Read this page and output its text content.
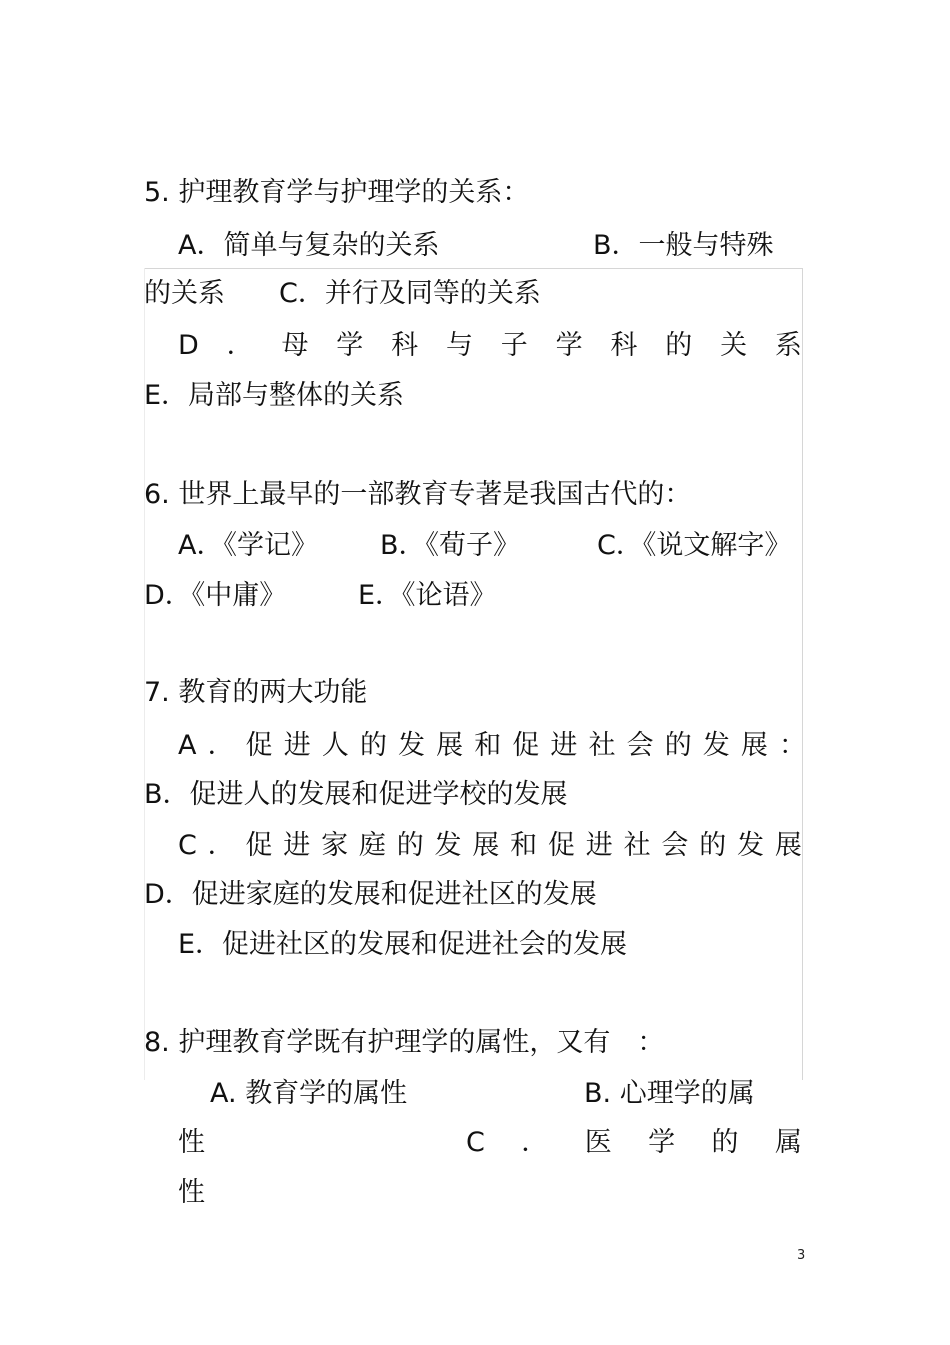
5. 护理教育学与护理学的关系：
A．简单与复杂的关系	B．一般与特殊
的关系　　C．并行及同等的关系
D ． 母 学 科 与 子 学 科 的 关 系
E．局部与整体的关系
6. 世界上最早的一部教育专著是我国古代的：
A．《学记》 B．《荀子》	C．《说文解字》
D．《中庸》	E．《论语》
7. 教育的两大功能
A ． 促 进 人 的 发 展 和 促 进 社 会 的 发 展 ：
B．促进人的发展和促进学校的发展
C ． 促 进 家 庭 的 发 展 和 促 进 社 会 的 发 展
D．促进家庭的发展和促进社区的发展
E．促进社区的发展和促进社会的发展
8. 护理教育学既有护理学的属性，又有　：
A. 教育学的属性	B. 心理学的属
性	C ． 医 学 的 属
性
3
